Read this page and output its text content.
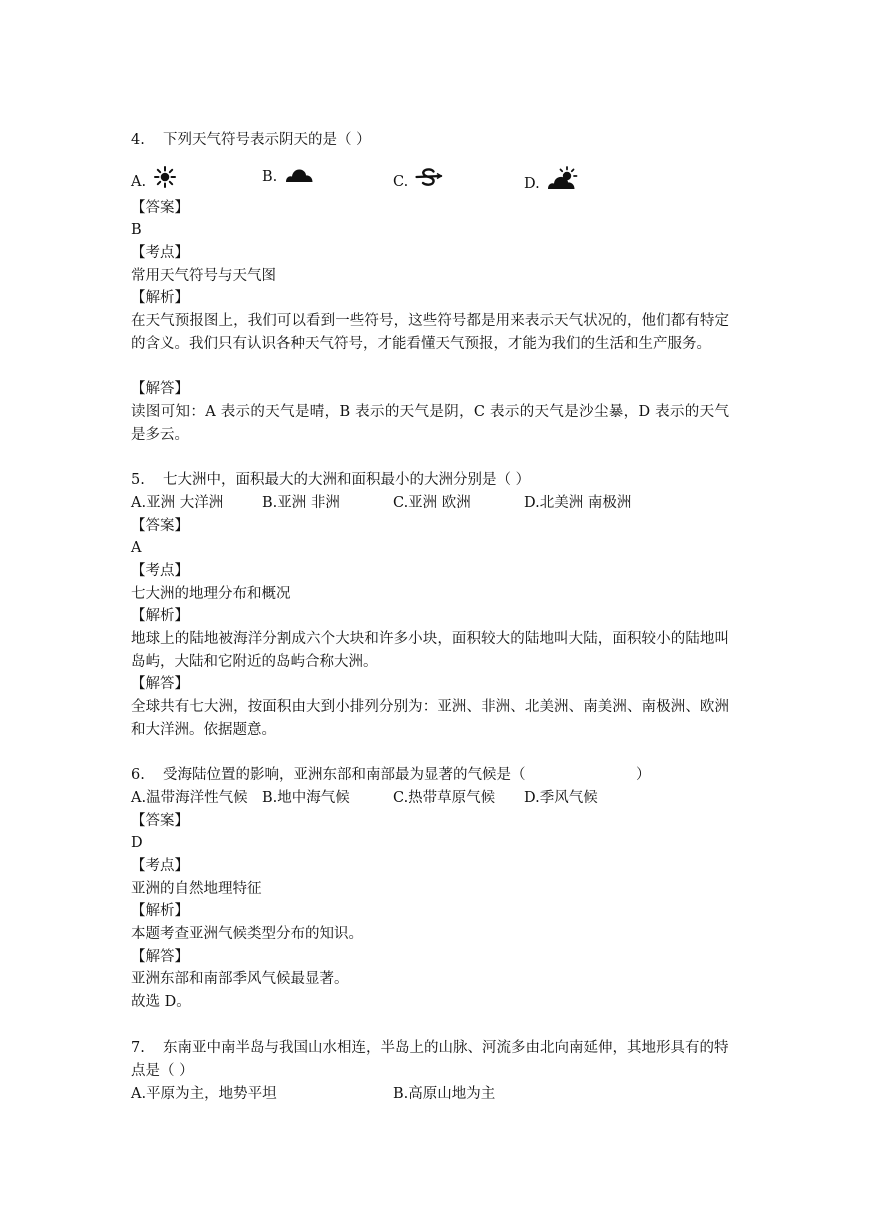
4. 下列天气符号表示阴天的是（ ）
A.	B.	C.	D.
【答案】
B
【考点】
常用天气符号与天气图
【解析】
在天气预报图上，我们可以看到一些符号，这些符号都是用来表示天气状况的，他们都有特定的含义。我们只有认识各种天气符号，才能看懂天气预报，才能为我们的生活和生产服务。
【解答】
读图可知：A 表示的天气是晴，B 表示的天气是阴，C 表示的天气是沙尘暴，D 表示的天气是多云。
5. 七大洲中，面积最大的大洲和面积最小的大洲分别是（ ）
A.亚洲 大洋洲	B.亚洲 非洲	C.亚洲 欧洲	D.北美洲 南极洲
【答案】
A
【考点】
七大洲的地理分布和概况
【解析】
地球上的陆地被海洋分割成六个大块和许多小块，面积较大的陆地叫大陆，面积较小的陆地叫岛屿，大陆和它附近的岛屿合称大洲。
【解答】
全球共有七大洲，按面积由大到小排列分别为：亚洲、非洲、北美洲、南美洲、南极洲、欧洲和大洋洲。依据题意。
6. 受海陆位置的影响，亚洲东部和南部最为显著的气候是（	）
A.温带海洋性气候 B.地中海气候	C.热带草原气候 D.季风气候
【答案】
D
【考点】
亚洲的自然地理特征
【解析】
本题考查亚洲气候类型分布的知识。
【解答】
亚洲东部和南部季风气候最显著。
故选 D。
7. 东南亚中南半岛与我国山水相连，半岛上的山脉、河流多由北向南延伸，其地形具有的特点是（ ）
A.平原为主，地势平坦	B.高原山地为主
